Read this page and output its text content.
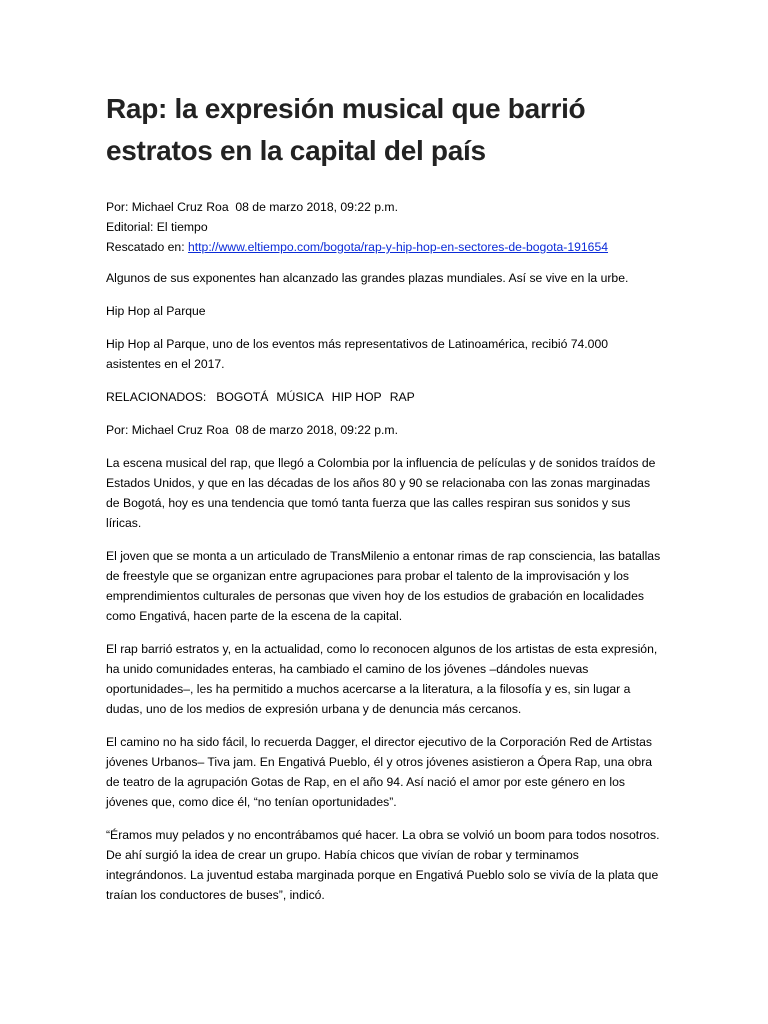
Rap: la expresión musical que barrió estratos en la capital del país
Por: Michael Cruz Roa  08 de marzo 2018, 09:22 p.m.
Editorial: El tiempo
Rescatado en: http://www.eltiempo.com/bogota/rap-y-hip-hop-en-sectores-de-bogota-191654

Algunos de sus exponentes han alcanzado las grandes plazas mundiales. Así se vive en la urbe.

Hip Hop al Parque

Hip Hop al Parque, uno de los eventos más representativos de Latinoamérica, recibió 74.000 asistentes en el 2017.

RELACIONADOS: BOGOTÁ MÚSICA HIP HOP RAP

Por: Michael Cruz Roa  08 de marzo 2018, 09:22 p.m.

La escena musical del rap, que llegó a Colombia por la influencia de películas y de sonidos traídos de Estados Unidos, y que en las décadas de los años 80 y 90 se relacionaba con las zonas marginadas de Bogotá, hoy es una tendencia que tomó tanta fuerza que las calles respiran sus sonidos y sus líricas.

El joven que se monta a un articulado de TransMilenio a entonar rimas de rap consciencia, las batallas de freestyle que se organizan entre agrupaciones para probar el talento de la improvisación y los emprendimientos culturales de personas que viven hoy de los estudios de grabación en localidades como Engativá, hacen parte de la escena de la capital.

El rap barrió estratos y, en la actualidad, como lo reconocen algunos de los artistas de esta expresión, ha unido comunidades enteras, ha cambiado el camino de los jóvenes –dándoles nuevas oportunidades–, les ha permitido a muchos acercarse a la literatura, a la filosofía y es, sin lugar a dudas, uno de los medios de expresión urbana y de denuncia más cercanos.

El camino no ha sido fácil, lo recuerda Dagger, el director ejecutivo de la Corporación Red de Artistas jóvenes Urbanos– Tiva jam. En Engativá Pueblo, él y otros jóvenes asistieron a Ópera Rap, una obra de teatro de la agrupación Gotas de Rap, en el año 94. Así nació el amor por este género en los jóvenes que, como dice él, “no tenían oportunidades”.

“Éramos muy pelados y no encontrábamos qué hacer. La obra se volvió un boom para todos nosotros. De ahí surgió la idea de crear un grupo. Había chicos que vivían de robar y terminamos integrándonos. La juventud estaba marginada porque en Engativá Pueblo solo se vivía de la plata que traían los conductores de buses”, indicó.
